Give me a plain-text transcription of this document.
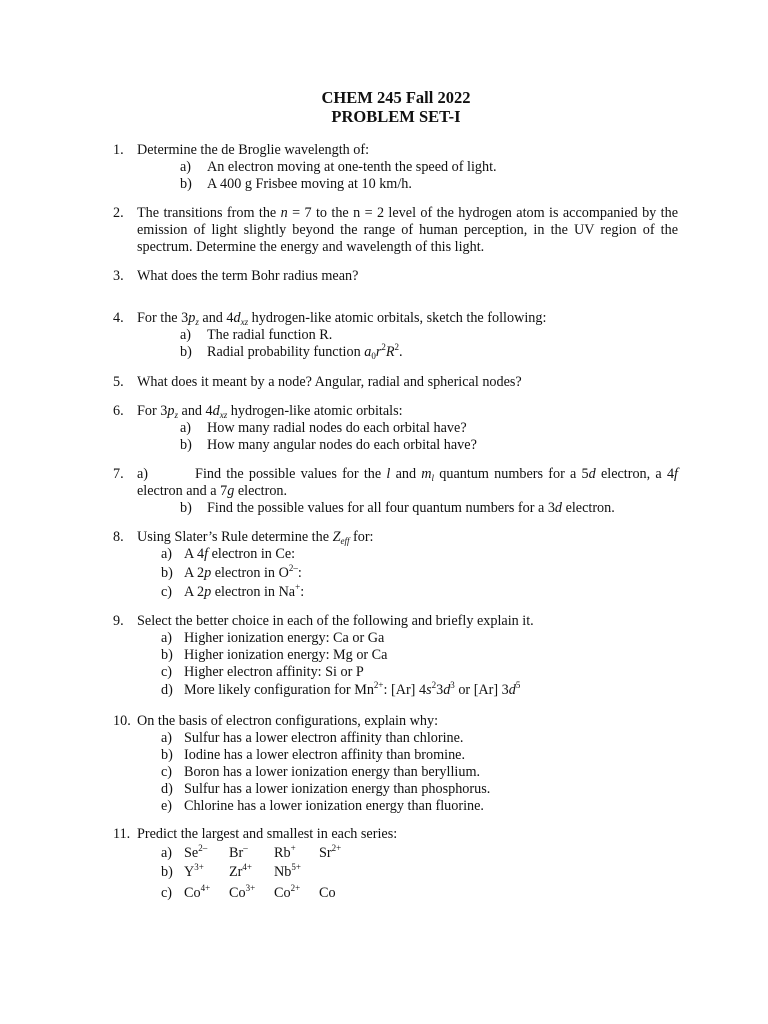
CHEM 245 Fall 2022
PROBLEM SET-I
1. Determine the de Broglie wavelength of:
a) An electron moving at one-tenth the speed of light.
b) A 400 g Frisbee moving at 10 km/h.
2. The transitions from the n = 7 to the n = 2 level of the hydrogen atom is accompanied by the emission of light slightly beyond the range of human perception, in the UV region of the spectrum. Determine the energy and wavelength of this light.
3. What does the term Bohr radius mean?
4. For the $3p_z$ and $4d_{xz}$ hydrogen-like atomic orbitals, sketch the following:
a) The radial function R.
b) Radial probability function $a_0r^2R^2$.
5. What does it meant by a node? Angular, radial and spherical nodes?
6. For $3p_z$ and $4d_{xz}$ hydrogen-like atomic orbitals:
a) How many radial nodes do each orbital have?
b) How many angular nodes do each orbital have?
7. a)         Find the possible values for the l and $m_l$ quantum numbers for a 5d electron, a 4f electron and a 7g electron.
b) Find the possible values for all four quantum numbers for a 3d electron.
8. Using Slater’s Rule determine the $Z_{eff}$ for:
a) A 4f electron in Ce:
b) A 2p electron in $O^{2-}$:
c) A 2p electron in Na+:
9. Select the better choice in each of the following and briefly explain it.
a) Higher ionization energy: Ca or Ga
b) Higher ionization energy: Mg or Ca
c) Higher electron affinity: Si or P
d) More likely configuration for $Mn^{2+}$: [Ar] $4s^23d^3$ or [Ar] $3d^5$
10. On the basis of electron configurations, explain why:
a) Sulfur has a lower electron affinity than chlorine.
b) Iodine has a lower electron affinity than bromine.
c) Boron has a lower ionization energy than beryllium.
d) Sulfur has a lower ionization energy than phosphorus.
e) Chlorine has a lower ionization energy than fluorine.
11. Predict the largest and smallest in each series:
a) $Se^{2-}$ Br– Rb+ $Sr^{2+}$
b) $Y^{3+}$ $Zr^{4+}$ $Nb^{5+}$
c) $Co^{4+}$ $Co^{3+}$ $Co^{2+}$ Co
